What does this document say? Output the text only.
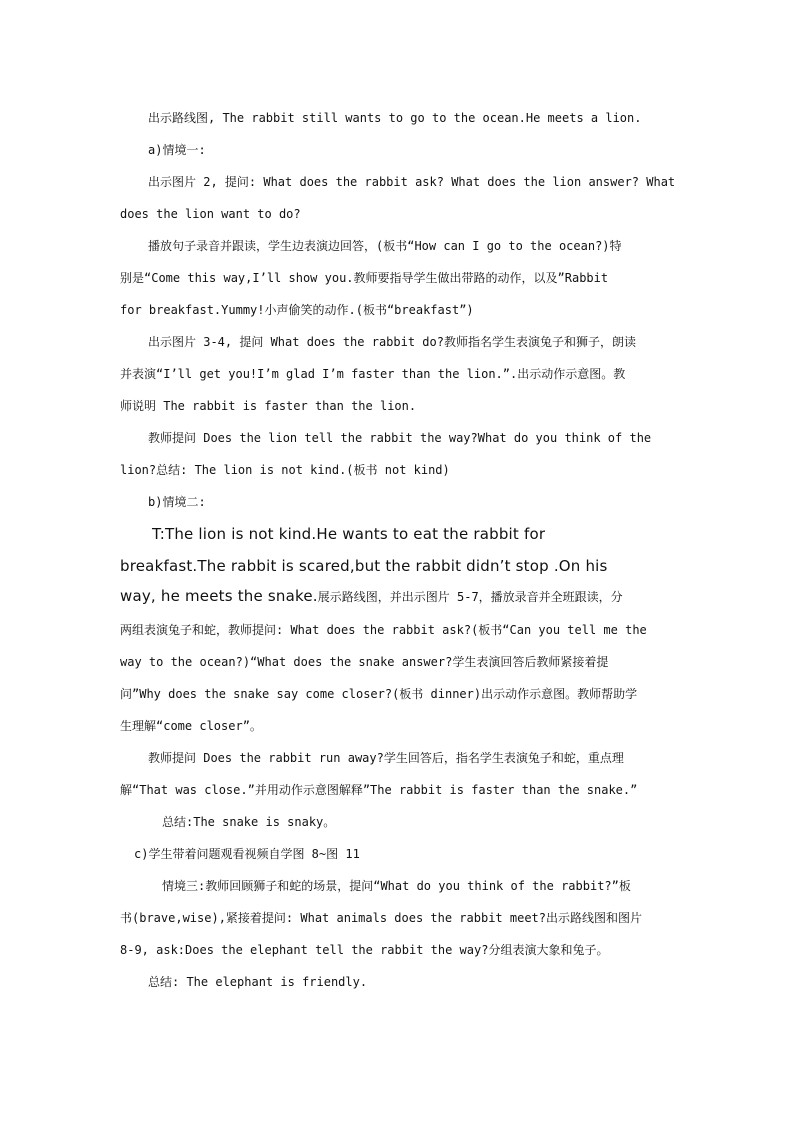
出示路线图, The rabbit still wants to go to the ocean.He meets a lion.
a)情境一:
出示图片 2, 提问: What does the rabbit ask? What does the lion answer? What
does the lion want to do?
播放句子录音并跟读，学生边表演边回答，(板书“How can I go to the ocean?)特
别是“Come this way,I’ll show you.教师要指导学生做出带路的动作，以及”Rabbit
for breakfast.Yummy!小声偷笑的动作.(板书“breakfast”)
出示图片 3-4, 提问 What does the rabbit do?教师指名学生表演兔子和狮子，朗读
并表演“I’ll get you!I’m glad I’m faster than the lion.”.出示动作示意图。教
师说明 The rabbit is faster than the lion.
教师提问 Does the lion tell the rabbit the way?What do you think of the
lion?总结: The lion is not kind.(板书 not kind)
b)情境二:
T:The lion is not kind.He wants to eat the rabbit for
breakfast.The rabbit is scared,but the rabbit didn’t stop .On his
way, he meets the snake.展示路线图，并出示图片 5-7，播放录音并全班跟读，分
两组表演兔子和蛇，教师提问: What does the rabbit ask?(板书“Can you tell me the
way to the ocean?)“What does the snake answer?学生表演回答后教师紧接着提
问”Why does the snake say come closer?(板书 dinner)出示动作示意图。教师帮助学
生理解“come closer”。
教师提问 Does the rabbit run away?学生回答后，指名学生表演兔子和蛇，重点理
解“That was close.”并用动作示意图解释”The rabbit is faster than the snake.”
总结:The snake is snaky。
c)学生带着问题观看视频自学图 8~图 11
情境三:教师回顾狮子和蛇的场景，提问“What do you think of the rabbit?”板
书(brave,wise),紧接着提问: What animals does the rabbit meet?出示路线图和图片
8-9, ask:Does the elephant tell the rabbit the way?分组表演大象和兔子。
总结: The elephant is friendly.
